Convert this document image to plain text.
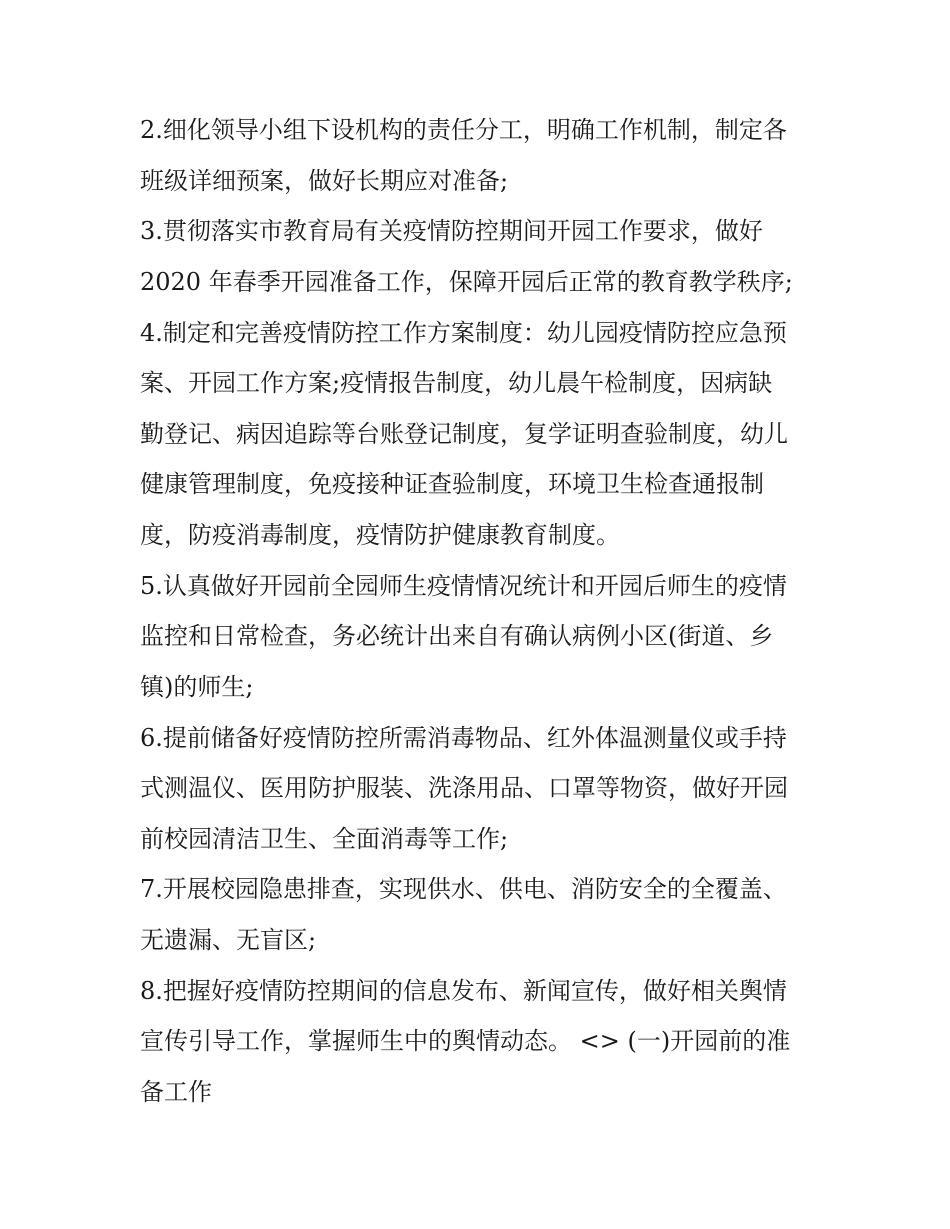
2.细化领导小组下设机构的责任分工，明确工作机制，制定各

班级详细预案，做好长期应对准备;

3.贯彻落实市教育局有关疫情防控期间开园工作要求，做好

2020 年春季开园准备工作，保障开园后正常的教育教学秩序;

4.制定和完善疫情防控工作方案制度：幼儿园疫情防控应急预

案、开园工作方案;疫情报告制度，幼儿晨午检制度，因病缺

勤登记、病因追踪等台账登记制度，复学证明查验制度，幼儿

健康管理制度，免疫接种证查验制度，环境卫生检查通报制

度，防疫消毒制度，疫情防护健康教育制度。

5.认真做好开园前全园师生疫情情况统计和开园后师生的疫情

监控和日常检查，务必统计出来自有确认病例小区(街道、乡

镇)的师生;

6.提前储备好疫情防控所需消毒物品、红外体温测量仪或手持

式测温仪、医用防护服装、洗涤用品、口罩等物资，做好开园

前校园清洁卫生、全面消毒等工作;

7.开展校园隐患排查，实现供水、供电、消防安全的全覆盖、

无遗漏、无盲区;

8.把握好疫情防控期间的信息发布、新闻宣传，做好相关舆情

宣传引导工作，掌握师生中的舆情动态。 <> (一)开园前的准

备工作
